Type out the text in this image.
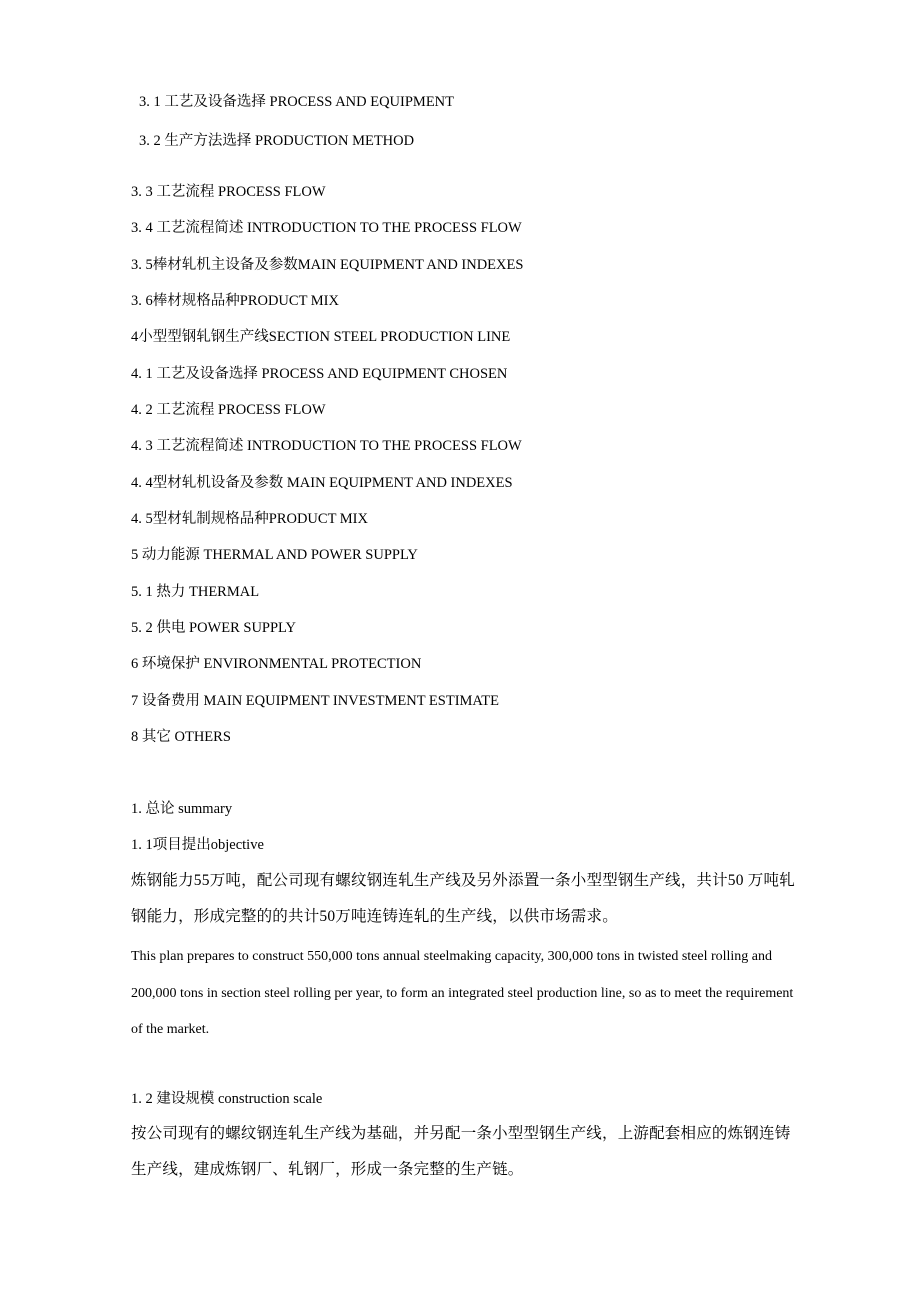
3. 1 工艺及设备选择 PROCESS AND EQUIPMENT
3. 2 生产方法选择 PRODUCTION METHOD
3. 3 工艺流程 PROCESS FLOW
3. 4 工艺流程简述 INTRODUCTION TO THE PROCESS FLOW
3. 5棒材轧机主设备及参数MAIN EQUIPMENT AND INDEXES
3. 6棒材规格品种PRODUCT MIX
4小型型钢轧钢生产线SECTION STEEL PRODUCTION LINE
4. 1 工艺及设备选择 PROCESS AND EQUIPMENT CHOSEN
4. 2 工艺流程 PROCESS FLOW
4. 3 工艺流程简述 INTRODUCTION TO THE PROCESS FLOW
4. 4型材轧机设备及参数 MAIN EQUIPMENT AND INDEXES
4. 5型材轧制规格品种PRODUCT MIX
5 动力能源 THERMAL AND POWER SUPPLY
5. 1 热力 THERMAL
5. 2 供电 POWER SUPPLY
6 环境保护 ENVIRONMENTAL PROTECTION
7 设备费用 MAIN EQUIPMENT INVESTMENT ESTIMATE
8 其它 OTHERS
1. 总论 summary
1. 1项目提出objective
炼钢能力55万吨，配公司现有螺纹钢连轧生产线及另外添置一条小型型钢生产线，共计50 万吨轧钢能力，形成完整的的共计50万吨连铸连轧的生产线，以供市场需求。
This plan prepares to construct 550,000 tons annual steelmaking capacity, 300,000 tons in twisted steel rolling and 200,000 tons in section steel rolling per year, to form an integrated steel production line, so as to meet the requirement of the market.
1. 2 建设规模 construction scale
按公司现有的螺纹钢连轧生产线为基础，并另配一条小型型钢生产线，上游配套相应的炼钢连铸生产线，建成炼钢厂、轧钢厂，形成一条完整的生产链。
